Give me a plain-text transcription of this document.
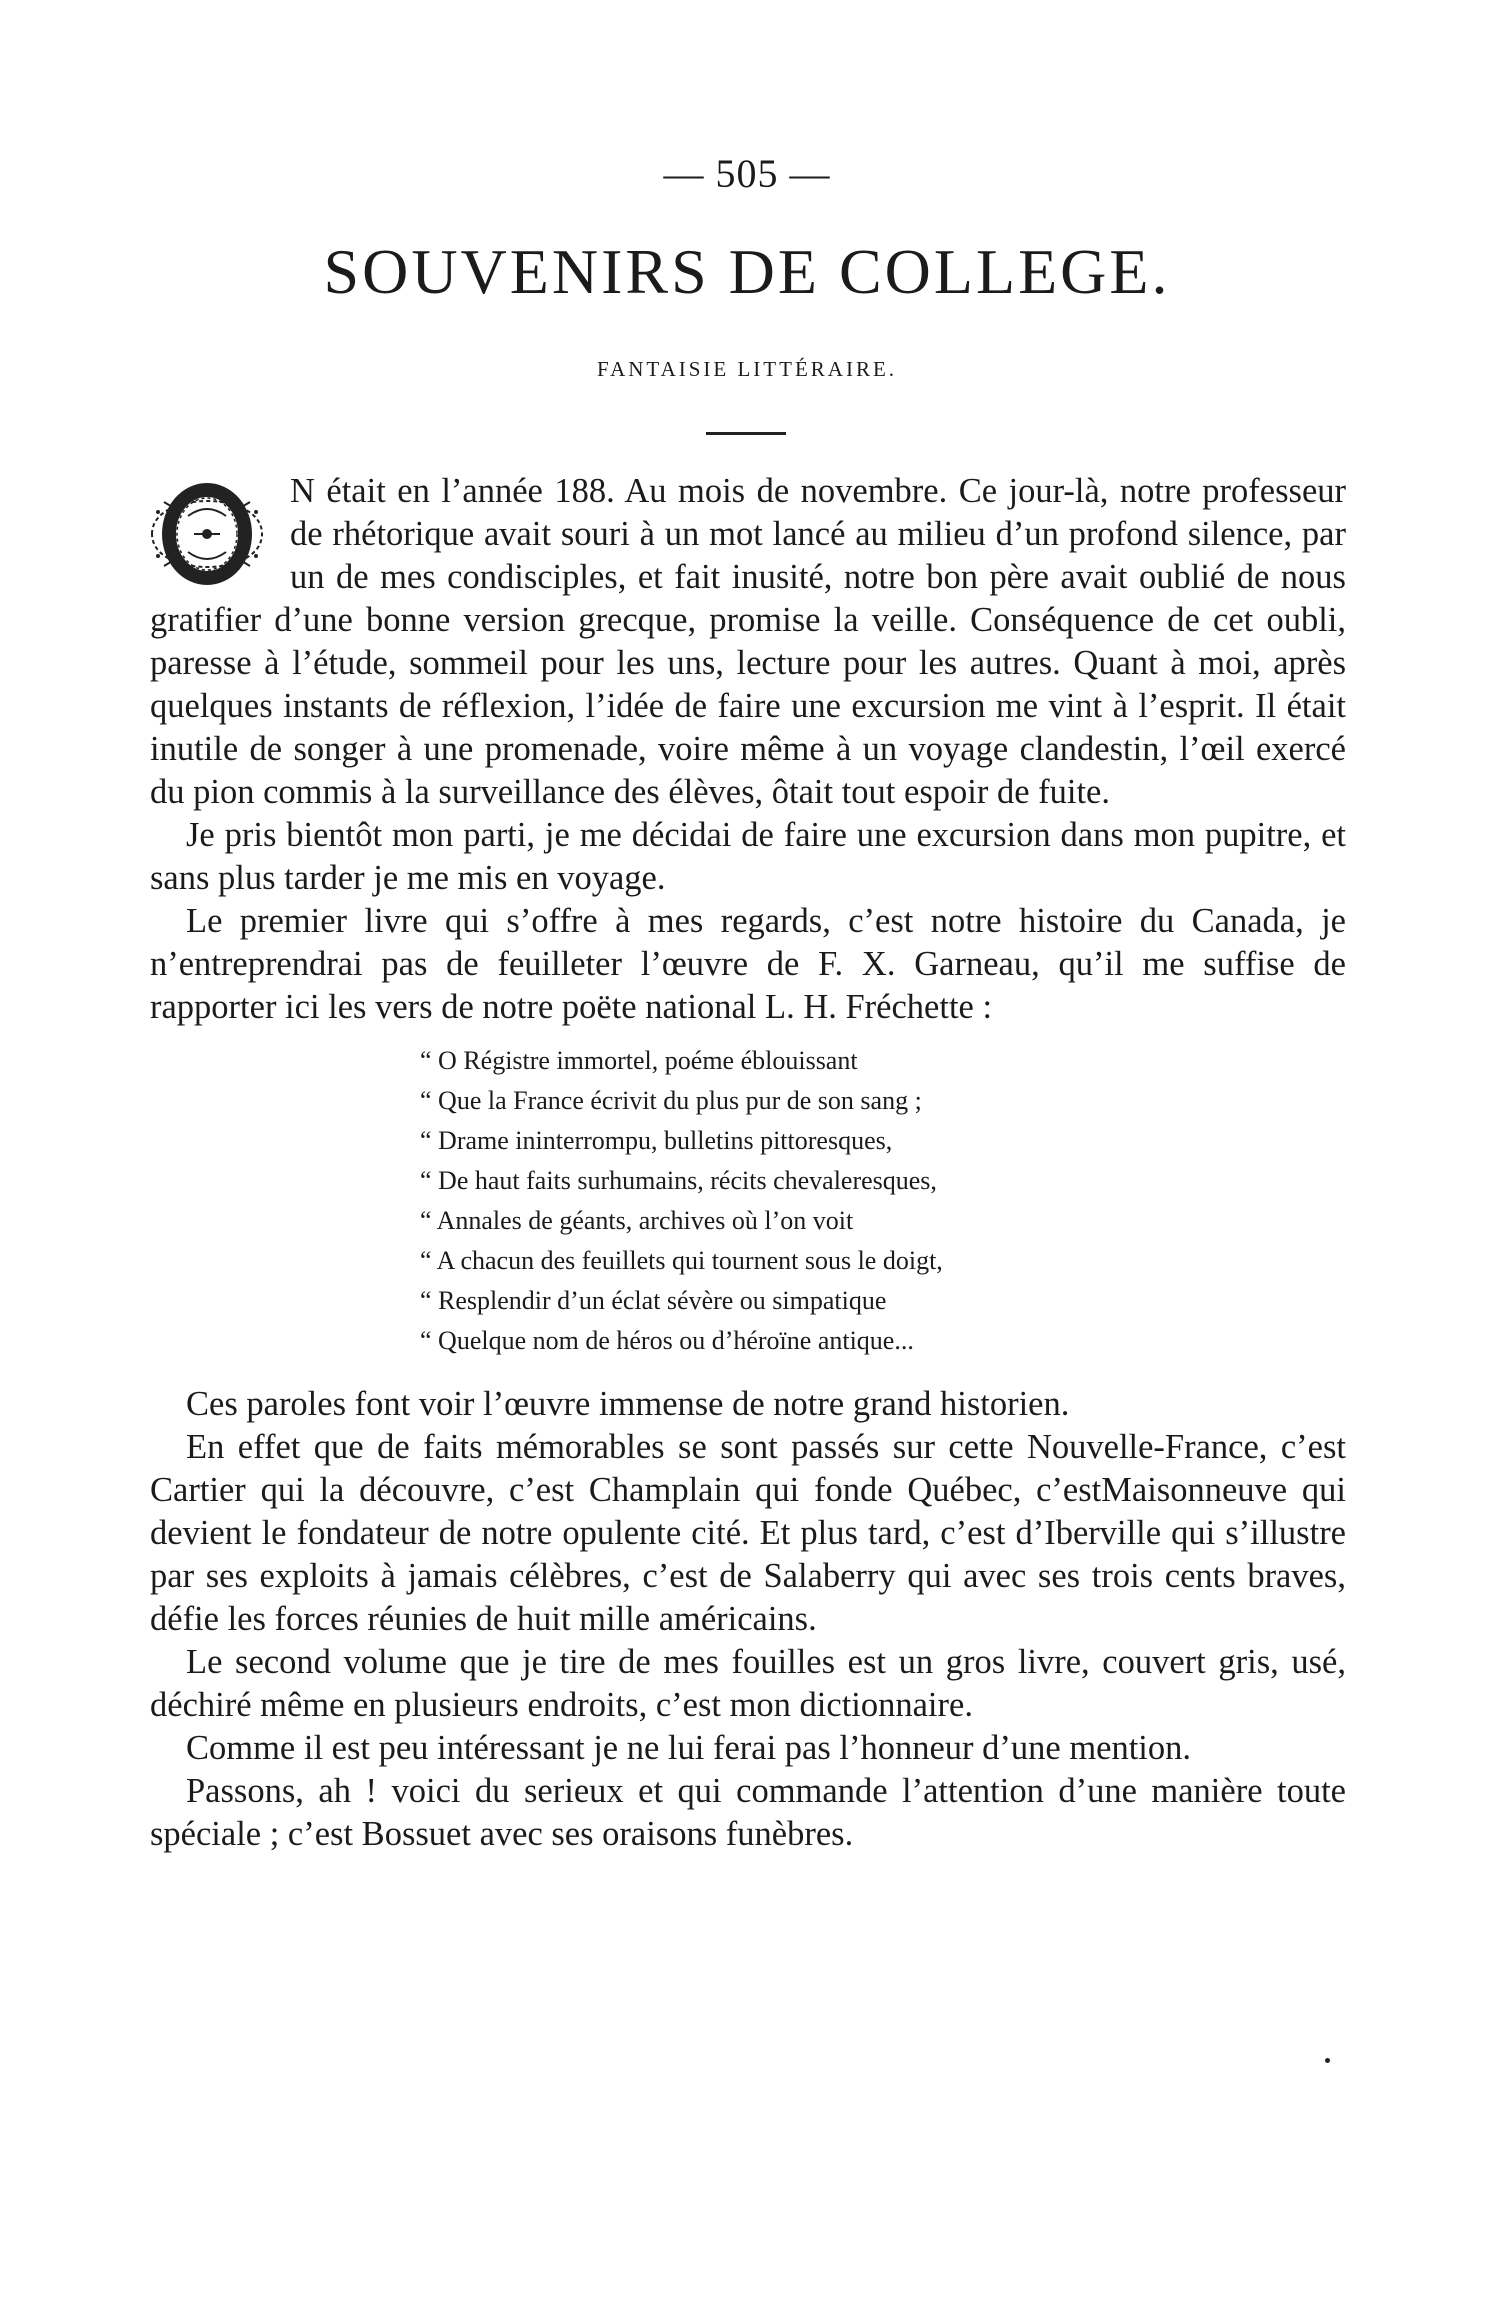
— 505 —
SOUVENIRS DE COLLEGE.
FANTAISIE LITTÉRAIRE.

N était en l’année 188. Au mois de novembre. Ce jour-là, notre professeur de rhétorique avait souri à un mot lancé au milieu d’un profond silence, par un de mes condisciples, et fait inusité, notre bon père avait oublié de nous gratifier d’une bonne version grecque, promise la veille. Conséquence de cet oubli, paresse à l’étude, sommeil pour les uns, lecture pour les autres. Quant à moi, après quelques instants de réflexion, l’idée de faire une excursion me vint à l’esprit. Il était inutile de songer à une promenade, voire même à un voyage clandestin, l’œil exercé du pion commis à la surveillance des élèves, ôtait tout espoir de fuite.

Je pris bientôt mon parti, je me décidai de faire une excursion dans mon pupitre, et sans plus tarder je me mis en voyage.

Le premier livre qui s’offre à mes regards, c’est notre histoire du Canada, je n’entreprendrai pas de feuilleter l’œuvre de F. X. Garneau, qu’il me suffise de rapporter ici les vers de notre poëte national L. H. Fréchette :

“ O Régistre immortel, poéme éblouissant
“ Que la France écrivit du plus pur de son sang ;
“ Drame ininterrompu, bulletins pittoresques,
“ De haut faits surhumains, récits chevaleresques,
“ Annales de géants, archives où l’on voit
“ A chacun des feuillets qui tournent sous le doigt,
“ Resplendir d’un éclat sévère ou simpatique
“ Quelque nom de héros ou d’héroïne antique...

Ces paroles font voir l’œuvre immense de notre grand historien.

En effet que de faits mémorables se sont passés sur cette Nouvelle-France, c’est Cartier qui la découvre, c’est Champlain qui fonde Québec, c’estMaisonneuve qui devient le fondateur de notre opulente cité. Et plus tard, c’est d’Iberville qui s’illustre par ses exploits à jamais célèbres, c’est de Salaberry qui avec ses trois cents braves, défie les forces réunies de huit mille américains.

Le second volume que je tire de mes fouilles est un gros livre, couvert gris, usé, déchiré même en plusieurs endroits, c’est mon dictionnaire.

Comme il est peu intéressant je ne lui ferai pas l’honneur d’une mention.

Passons, ah ! voici du serieux et qui commande l’attention d’une manière toute spéciale ; c’est Bossuet avec ses oraisons funèbres.
